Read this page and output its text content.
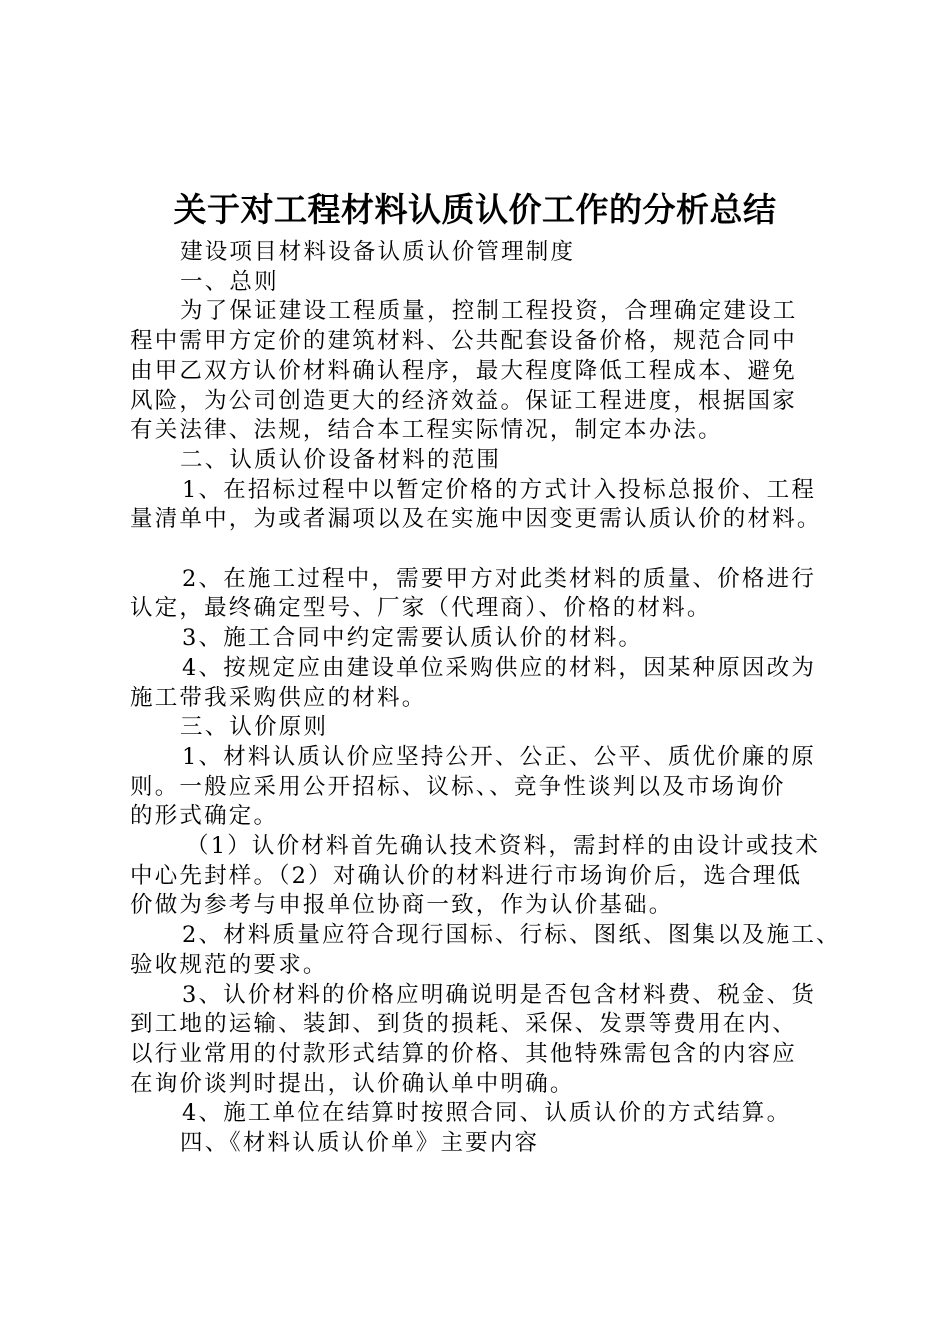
关于对工程材料认质认价工作的分析总结

建设项目材料设备认质认价管理制度

一、总则

为了保证建设工程质量，控制工程投资，合理确定建设工

程中需甲方定价的建筑材料、公共配套设备价格，规范合同中

由甲乙双方认价材料确认程序，最大程度降低工程成本、避免

风险，为公司创造更大的经济效益。保证工程进度，根据国家

有关法律、法规，结合本工程实际情况，制定本办法。

二、认质认价设备材料的范围

1、在招标过程中以暂定价格的方式计入投标总报价、工程

量清单中，为或者漏项以及在实施中因变更需认质认价的材料。

2、在施工过程中，需要甲方对此类材料的质量、价格进行

认定，最终确定型号、厂家（代理商）、价格的材料。

3、施工合同中约定需要认质认价的材料。

4、按规定应由建设单位采购供应的材料，因某种原因改为

施工带我采购供应的材料。

三、认价原则

1、材料认质认价应坚持公开、公正、公平、质优价廉的原

则。一般应采用公开招标、议标、、竞争性谈判以及市场询价

的形式确定。

（1）认价材料首先确认技术资料，需封样的由设计或技术

中心先封样。（2）对确认价的材料进行市场询价后，选合理低

价做为参考与申报单位协商一致，作为认价基础。

2、材料质量应符合现行国标、行标、图纸、图集以及施工、

验收规范的要求。

3、认价材料的价格应明确说明是否包含材料费、税金、货

到工地的运输、装卸、到货的损耗、采保、发票等费用在内、

以行业常用的付款形式结算的价格、其他特殊需包含的内容应

在询价谈判时提出，认价确认单中明确。

4、施工单位在结算时按照合同、认质认价的方式结算。

四、《材料认质认价单》主要内容
